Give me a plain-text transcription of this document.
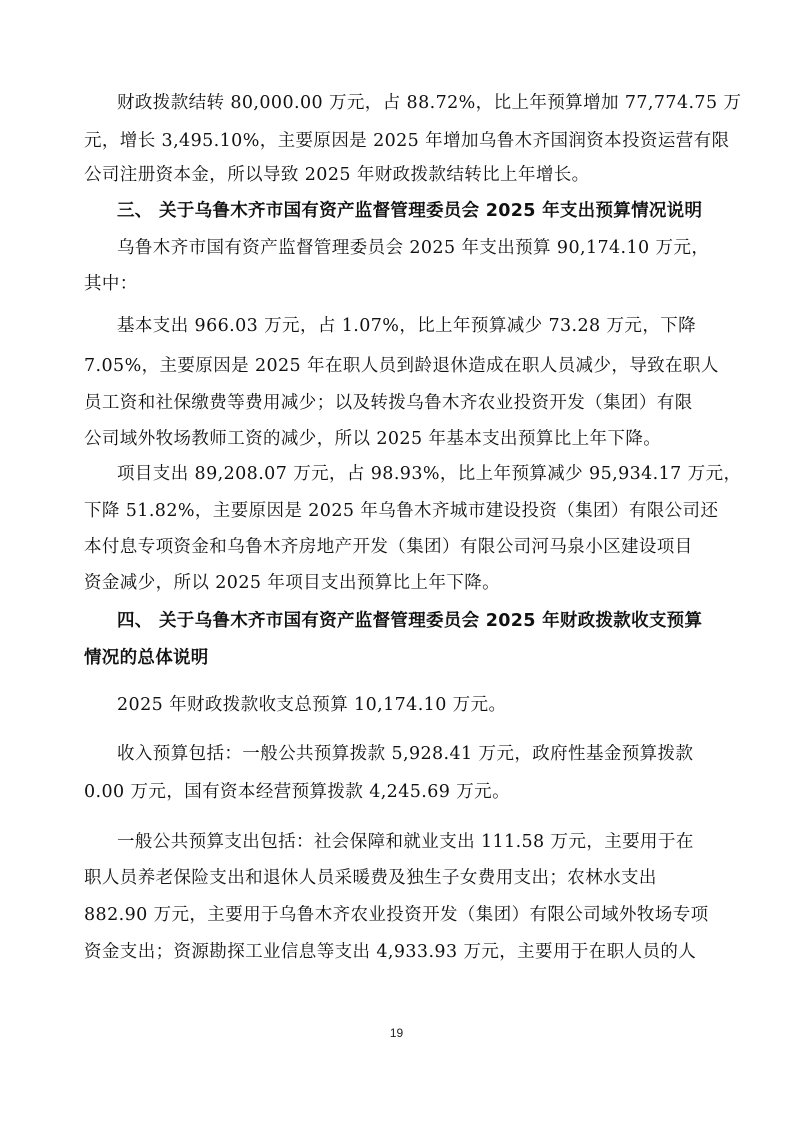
财政拨款结转 80,000.00 万元，占 88.72%，比上年预算增加 77,774.75 万

元，增长 3,495.10%，主要原因是 2025 年增加乌鲁木齐国润资本投资运营有限

公司注册资本金，所以导致 2025 年财政拨款结转比上年增长。

三、 关于乌鲁木齐市国有资产监督管理委员会 2025 年支出预算情况说明

乌鲁木齐市国有资产监督管理委员会 2025 年支出预算 90,174.10 万元，

其中：

基本支出 966.03 万元，占 1.07%，比上年预算减少 73.28 万元，下降

7.05%，主要原因是 2025 年在职人员到龄退休造成在职人员减少，导致在职人

员工资和社保缴费等费用减少；以及转拨乌鲁木齐农业投资开发（集团）有限

公司域外牧场教师工资的减少，所以 2025 年基本支出预算比上年下降。

项目支出 89,208.07 万元，占 98.93%，比上年预算减少 95,934.17 万元，

下降 51.82%，主要原因是 2025 年乌鲁木齐城市建设投资（集团）有限公司还

本付息专项资金和乌鲁木齐房地产开发（集团）有限公司河马泉小区建设项目

资金减少，所以 2025 年项目支出预算比上年下降。

四、 关于乌鲁木齐市国有资产监督管理委员会 2025 年财政拨款收支预算

情况的总体说明

2025 年财政拨款收支总预算 10,174.10 万元。

收入预算包括：一般公共预算拨款 5,928.41 万元，政府性基金预算拨款

0.00 万元，国有资本经营预算拨款 4,245.69 万元。

一般公共预算支出包括：社会保障和就业支出 111.58 万元，主要用于在

职人员养老保险支出和退休人员采暖费及独生子女费用支出；农林水支出

882.90 万元，主要用于乌鲁木齐农业投资开发（集团）有限公司域外牧场专项

资金支出；资源勘探工业信息等支出 4,933.93 万元，主要用于在职人员的人

19
